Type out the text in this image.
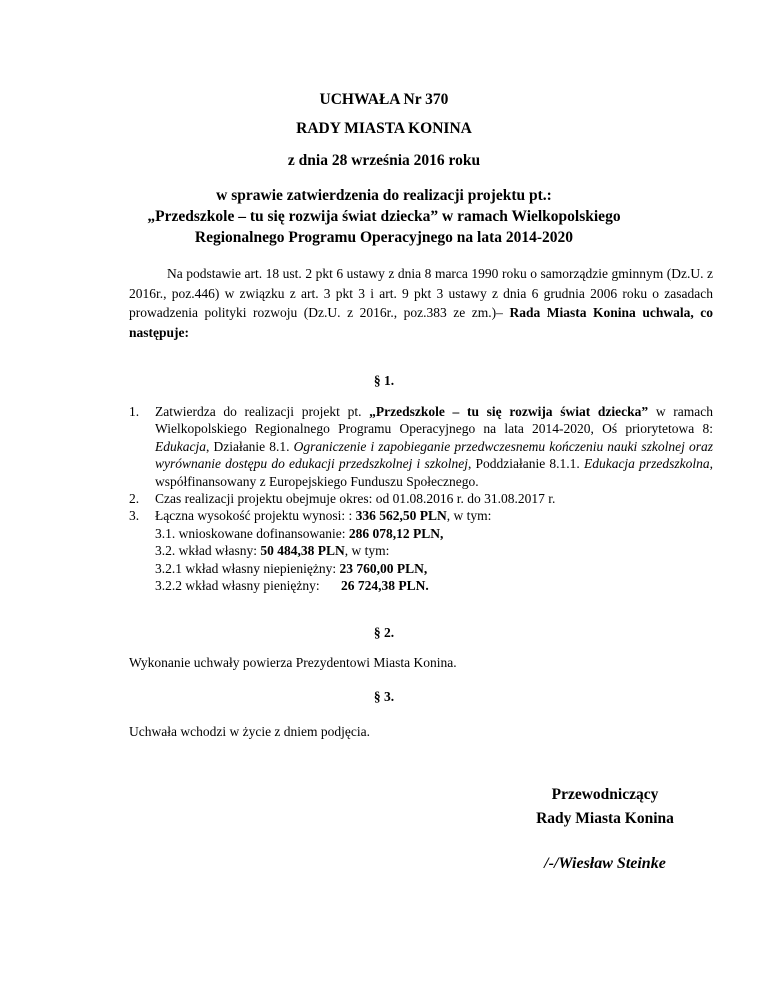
UCHWAŁA Nr 370
RADY MIASTA KONINA
z dnia 28 września 2016 roku
w sprawie zatwierdzenia do realizacji projektu pt.:
„Przedszkole – tu się rozwija świat dziecka” w ramach Wielkopolskiego
Regionalnego Programu Operacyjnego na lata 2014-2020
Na podstawie art. 18 ust. 2 pkt 6 ustawy z dnia 8 marca 1990 roku o samorządzie gminnym (Dz.U. z 2016r., poz.446) w związku z art. 3 pkt 3 i art. 9 pkt 3 ustawy z dnia 6 grudnia 2006 roku o zasadach prowadzenia polityki rozwoju (Dz.U. z 2016r., poz.383 ze zm.)– Rada Miasta Konina uchwala, co następuje:
§ 1.
1. Zatwierdza do realizacji projekt pt. „Przedszkole – tu się rozwija świat dziecka” w ramach Wielkopolskiego Regionalnego Programu Operacyjnego na lata 2014-2020, Oś priorytetowa 8: Edukacja, Działanie 8.1. Ograniczenie i zapobieganie przedwczesnemu kończeniu nauki szkolnej oraz wyrównanie dostępu do edukacji przedszkolnej i szkolnej, Poddziałanie 8.1.1. Edukacja przedszkolna, współfinansowany z Europejskiego Funduszu Społecznego.
2. Czas realizacji projektu obejmuje okres: od 01.08.2016 r. do 31.08.2017 r.
3. Łączna wysokość projektu wynosi: : 336 562,50 PLN, w tym:
3.1. wnioskowane dofinansowanie: 286 078,12 PLN,
3.2. wkład własny: 50 484,38 PLN, w tym:
3.2.1 wkład własny niepieniężny: 23 760,00 PLN,
3.2.2 wkład własny pieniężny: 26 724,38 PLN.
§ 2.
Wykonanie uchwały powierza Prezydentowi Miasta Konina.
§ 3.
Uchwała wchodzi w życie z dniem podjęcia.
Przewodniczący
Rady Miasta Konina
/-/Wiesław Steinke
